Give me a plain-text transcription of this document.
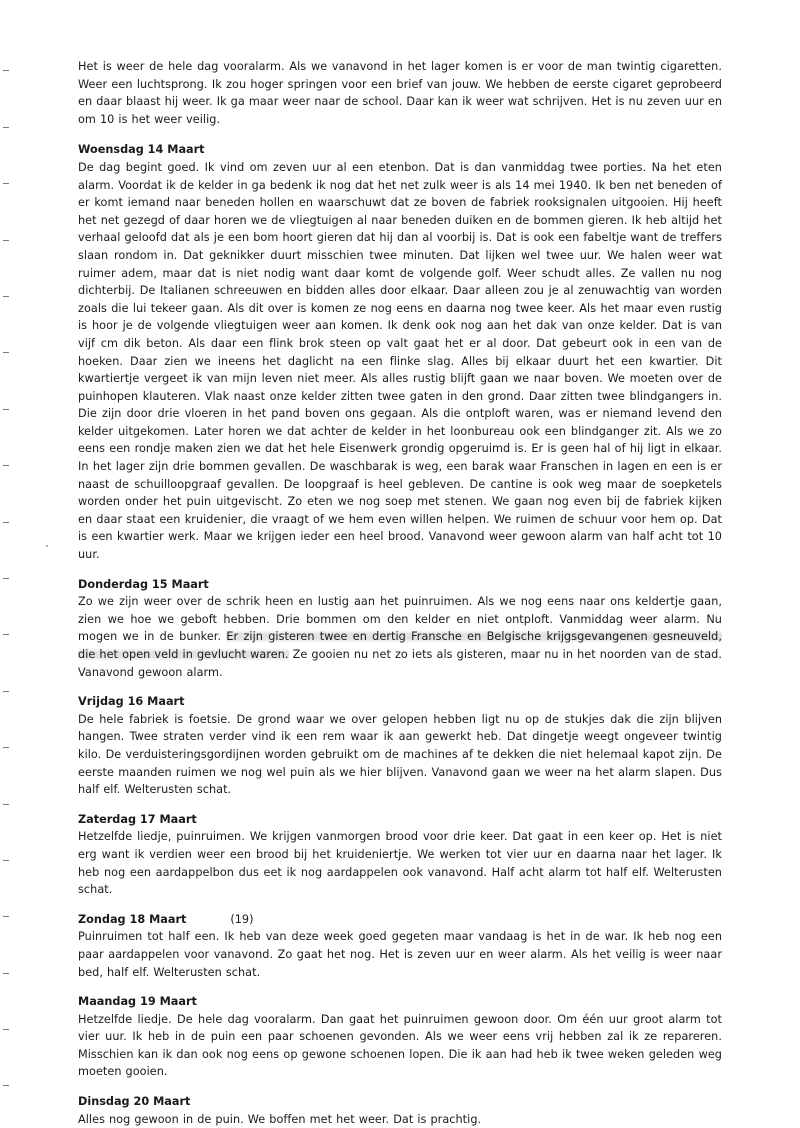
Het is weer de hele dag vooralarm. Als we vanavond in het lager komen is er voor de man twintig cigaretten. Weer een luchtsprong. Ik zou hoger springen voor een brief van jouw. We hebben de eerste cigaret geprobeerd en daar blaast hij weer. Ik ga maar weer naar de school. Daar kan ik weer wat schrijven. Het is nu zeven uur en om 10 is het weer veilig.

Woensdag 14 Maart

De dag begint goed. Ik vind om zeven uur al een etenbon. Dat is dan vanmiddag twee porties. Na het eten alarm. Voordat ik de kelder in ga bedenk ik nog dat het net zulk weer is als 14 mei 1940. Ik ben net beneden of er komt iemand naar beneden hollen en waarschuwt dat ze boven de fabriek rooksignalen uitgooien. Hij heeft het net gezegd of daar horen we de vliegtuigen al naar beneden duiken en de bommen gieren. Ik heb altijd het verhaal geloofd dat als je een bom hoort gieren dat hij dan al voorbij is. Dat is ook een fabeltje want de treffers slaan rondom in. Dat geknikker duurt misschien twee minuten. Dat lijken wel twee uur. We halen weer wat ruimer adem, maar dat is niet nodig want daar komt de volgende golf. Weer schudt alles. Ze vallen nu nog dichterbij. De Italianen schreeuwen en bidden alles door elkaar. Daar alleen zou je al zenuwachtig van worden zoals die lui tekeer gaan. Als dit over is komen ze nog eens en daarna nog twee keer. Als het maar even rustig is hoor je de volgende vliegtuigen weer aan komen. Ik denk ook nog aan het dak van onze kelder. Dat is van vijf cm dik beton. Als daar een flink brok steen op valt gaat het er al door. Dat gebeurt ook in een van de hoeken. Daar zien we ineens het daglicht na een flinke slag. Alles bij elkaar duurt het een kwartier. Dit kwartiertje vergeet ik van mijn leven niet meer. Als alles rustig blijft gaan we naar boven. We moeten over de puinhopen klauteren. Vlak naast onze kelder zitten twee gaten in den grond. Daar zitten twee blindgangers in. Die zijn door drie vloeren in het pand boven ons gegaan. Als die ontploft waren, was er niemand levend den kelder uitgekomen. Later horen we dat achter de kelder in het loonbureau ook een blindganger zit. Als we zo eens een rondje maken zien we dat het hele Eisenwerk grondig opgeruimd is. Er is geen hal of hij ligt in elkaar. In het lager zijn drie bommen gevallen. De waschbarak is weg, een barak waar Franschen in lagen en een is er naast de schuilloopgraaf gevallen. De loopgraaf is heel gebleven. De cantine is ook weg maar de soepketels worden onder het puin uitgevischt. Zo eten we nog soep met stenen. We gaan nog even bij de fabriek kijken en daar staat een kruidenier, die vraagt of we hem even willen helpen. We ruimen de schuur voor hem op. Dat is een kwartier werk. Maar we krijgen ieder een heel brood. Vanavond weer gewoon alarm van half acht tot 10 uur.

Donderdag 15 Maart

Zo we zijn weer over de schrik heen en lustig aan het puinruimen. Als we nog eens naar ons keldertje gaan, zien we hoe we geboft hebben. Drie bommen om den kelder en niet ontploft. Vanmiddag weer alarm. Nu mogen we in de bunker. Er zijn gisteren twee en dertig Fransche en Belgische krijgsgevangenen gesneuveld, die het open veld in gevlucht waren. Ze gooien nu net zo iets als gisteren, maar nu in het noorden van de stad. Vanavond gewoon alarm.

Vrijdag 16 Maart

De hele fabriek is foetsie. De grond waar we over gelopen hebben ligt nu op de stukjes dak die zijn blijven hangen. Twee straten verder vind ik een rem waar ik aan gewerkt heb. Dat dingetje weegt ongeveer twintig kilo. De verduisteringsgordijnen worden gebruikt om de machines af te dekken die niet helemaal kapot zijn. De eerste maanden ruimen we nog wel puin als we hier blijven. Vanavond gaan we weer na het alarm slapen. Dus half elf. Welterusten schat.

Zaterdag 17 Maart

Hetzelfde liedje, puinruimen. We krijgen vanmorgen brood voor drie keer. Dat gaat in een keer op. Het is niet erg want ik verdien weer een brood bij het kruideniertje. We werken tot vier uur en daarna naar het lager. Ik heb nog een aardappelbon dus eet ik nog aardappelen ook vanavond. Half acht alarm tot half elf. Welterusten schat.

Zondag 18 Maart	(19)

Puinruimen tot half een. Ik heb van deze week goed gegeten maar vandaag is het in de war. Ik heb nog een paar aardappelen voor vanavond. Zo gaat het nog. Het is zeven uur en weer alarm. Als het veilig is weer naar bed, half elf. Welterusten schat.

Maandag 19 Maart

Hetzelfde liedje. De hele dag vooralarm. Dan gaat het puinruimen gewoon door. Om één uur groot alarm tot vier uur. Ik heb in de puin een paar schoenen gevonden. Als we weer eens vrij hebben zal ik ze repareren. Misschien kan ik dan ook nog eens op gewone schoenen lopen. Die ik aan had heb ik twee weken geleden weg moeten gooien.

Dinsdag 20 Maart

Alles nog gewoon in de puin. We boffen met het weer. Dat is prachtig.
